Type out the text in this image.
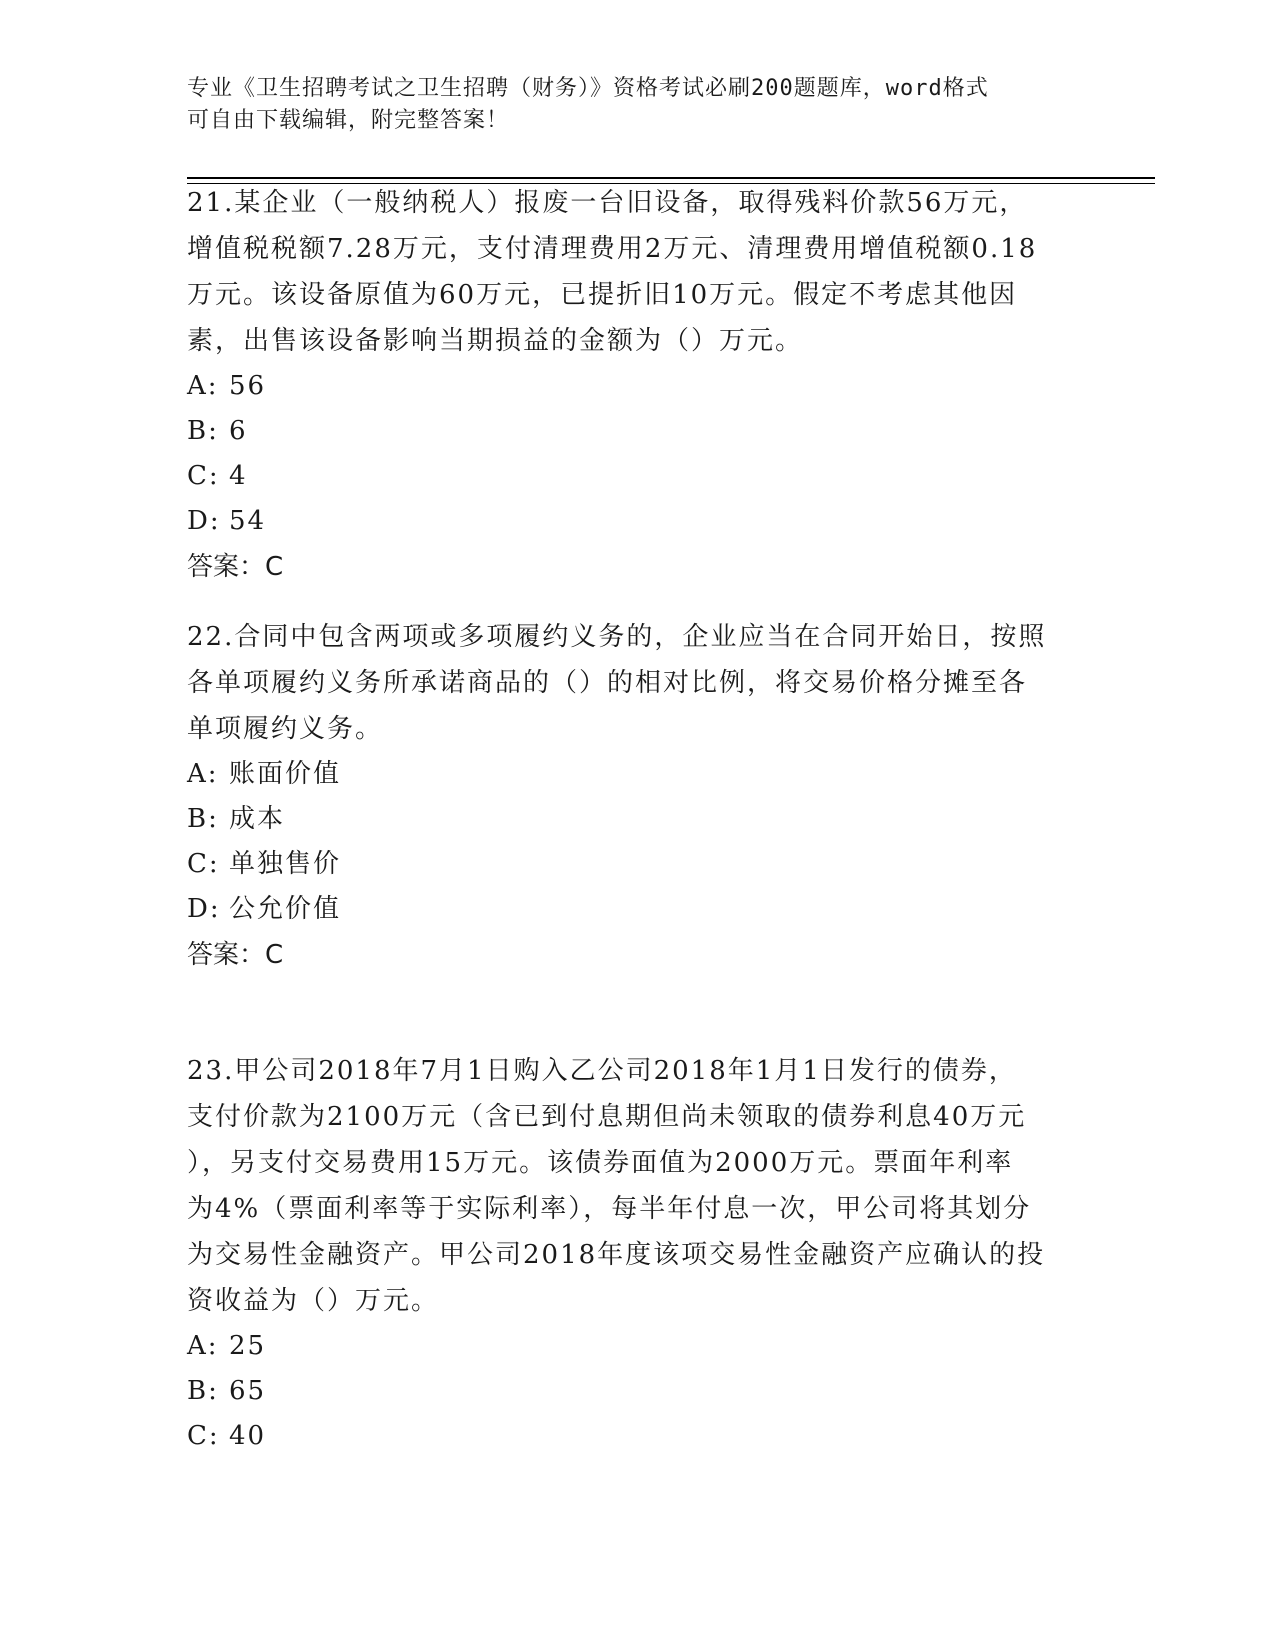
专业《卫生招聘考试之卫生招聘（财务）》资格考试必刷200题题库，word格式
可自由下载编辑，附完整答案！
21.某企业（一般纳税人）报废一台旧设备，取得残料价款56万元，
增值税税额7.28万元，支付清理费用2万元、清理费用增值税额0.18
万元。该设备原值为60万元，已提折旧10万元。假定不考虑其他因
素，出售该设备影响当期损益的金额为（）万元。
A: 56
B: 6
C: 4
D: 54
答案：C
22.合同中包含两项或多项履约义务的，企业应当在合同开始日，按照
各单项履约义务所承诺商品的（）的相对比例，将交易价格分摊至各
单项履约义务。
A: 账面价值
B: 成本
C: 单独售价
D: 公允价值
答案：C
23.甲公司2018年7月1日购入乙公司2018年1月1日发行的债券，
支付价款为2100万元（含已到付息期但尚未领取的债券利息40万元
），另支付交易费用15万元。该债券面值为2000万元。票面年利率
为4%（票面利率等于实际利率），每半年付息一次，甲公司将其划分
为交易性金融资产。甲公司2018年度该项交易性金融资产应确认的投
资收益为（）万元。
A: 25
B: 65
C: 40
